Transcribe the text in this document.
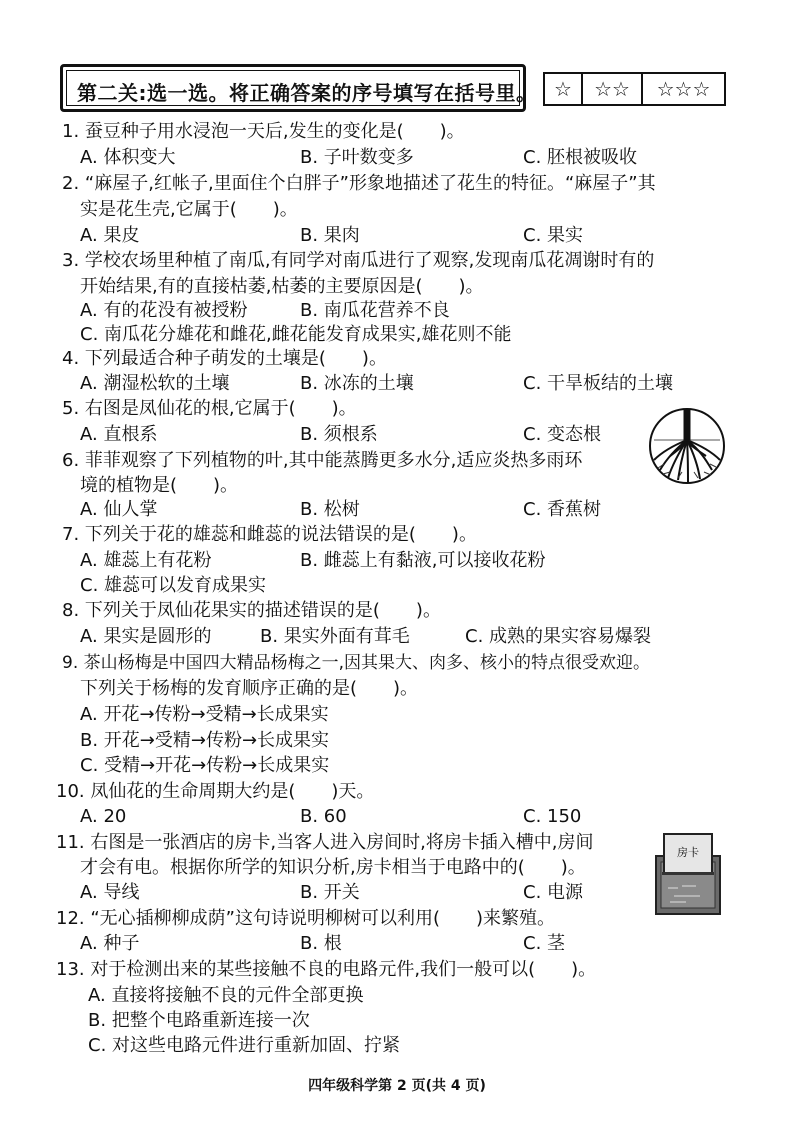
第二关:选一选。将正确答案的序号填写在括号里。 ☆	☆☆	☆☆☆
1. 蚕豆种子用水浸泡一天后,发生的变化是(　　)。
A. 体积变大	B. 子叶数变多	C. 胚根被吸收
2. “麻屋子,红帐子,里面住个白胖子”形象地描述了花生的特征。“麻屋子”其
实是花生壳,它属于(　　)。
A. 果皮	B. 果肉	C. 果实
3. 学校农场里种植了南瓜,有同学对南瓜进行了观察,发现南瓜花凋谢时有的
开始结果,有的直接枯萎,枯萎的主要原因是(　　)。
A. 有的花没有被授粉	B. 南瓜花营养不良
C. 南瓜花分雄花和雌花,雌花能发育成果实,雄花则不能
4. 下列最适合种子萌发的土壤是(　　)。
A. 潮湿松软的土壤	B. 冰冻的土壤	C. 干旱板结的土壤
5. 右图是凤仙花的根,它属于(　　)。
A. 直根系	B. 须根系	C. 变态根
6. 菲菲观察了下列植物的叶,其中能蒸腾更多水分,适应炎热多雨环
境的植物是(　　)。
A. 仙人掌	B. 松树	C. 香蕉树
7. 下列关于花的雄蕊和雌蕊的说法错误的是(　　)。
A. 雄蕊上有花粉	B. 雌蕊上有黏液,可以接收花粉
C. 雄蕊可以发育成果实
8. 下列关于凤仙花果实的描述错误的是(　　)。
A. 果实是圆形的	B. 果实外面有茸毛	C. 成熟的果实容易爆裂
9. 茶山杨梅是中国四大精品杨梅之一,因其果大、肉多、核小的特点很受欢迎。
下列关于杨梅的发育顺序正确的是(　　)。
A. 开花→传粉→受精→长成果实
B. 开花→受精→传粉→长成果实
C. 受精→开花→传粉→长成果实
10. 凤仙花的生命周期大约是(　　)天。
A. 20	B. 60	C. 150
11. 右图是一张酒店的房卡,当客人进入房间时,将房卡插入槽中,房间
才会有电。根据你所学的知识分析,房卡相当于电路中的(　　)。
A. 导线	B. 开关	C. 电源
房卡
12. “无心插柳柳成荫”这句诗说明柳树可以利用(　　)来繁殖。
A. 种子	B. 根	C. 茎
13. 对于检测出来的某些接触不良的电路元件,我们一般可以(　　)。
A. 直接将接触不良的元件全部更换
B. 把整个电路重新连接一次
C. 对这些电路元件进行重新加固、拧紧
四年级科学第 2 页(共 4 页)
